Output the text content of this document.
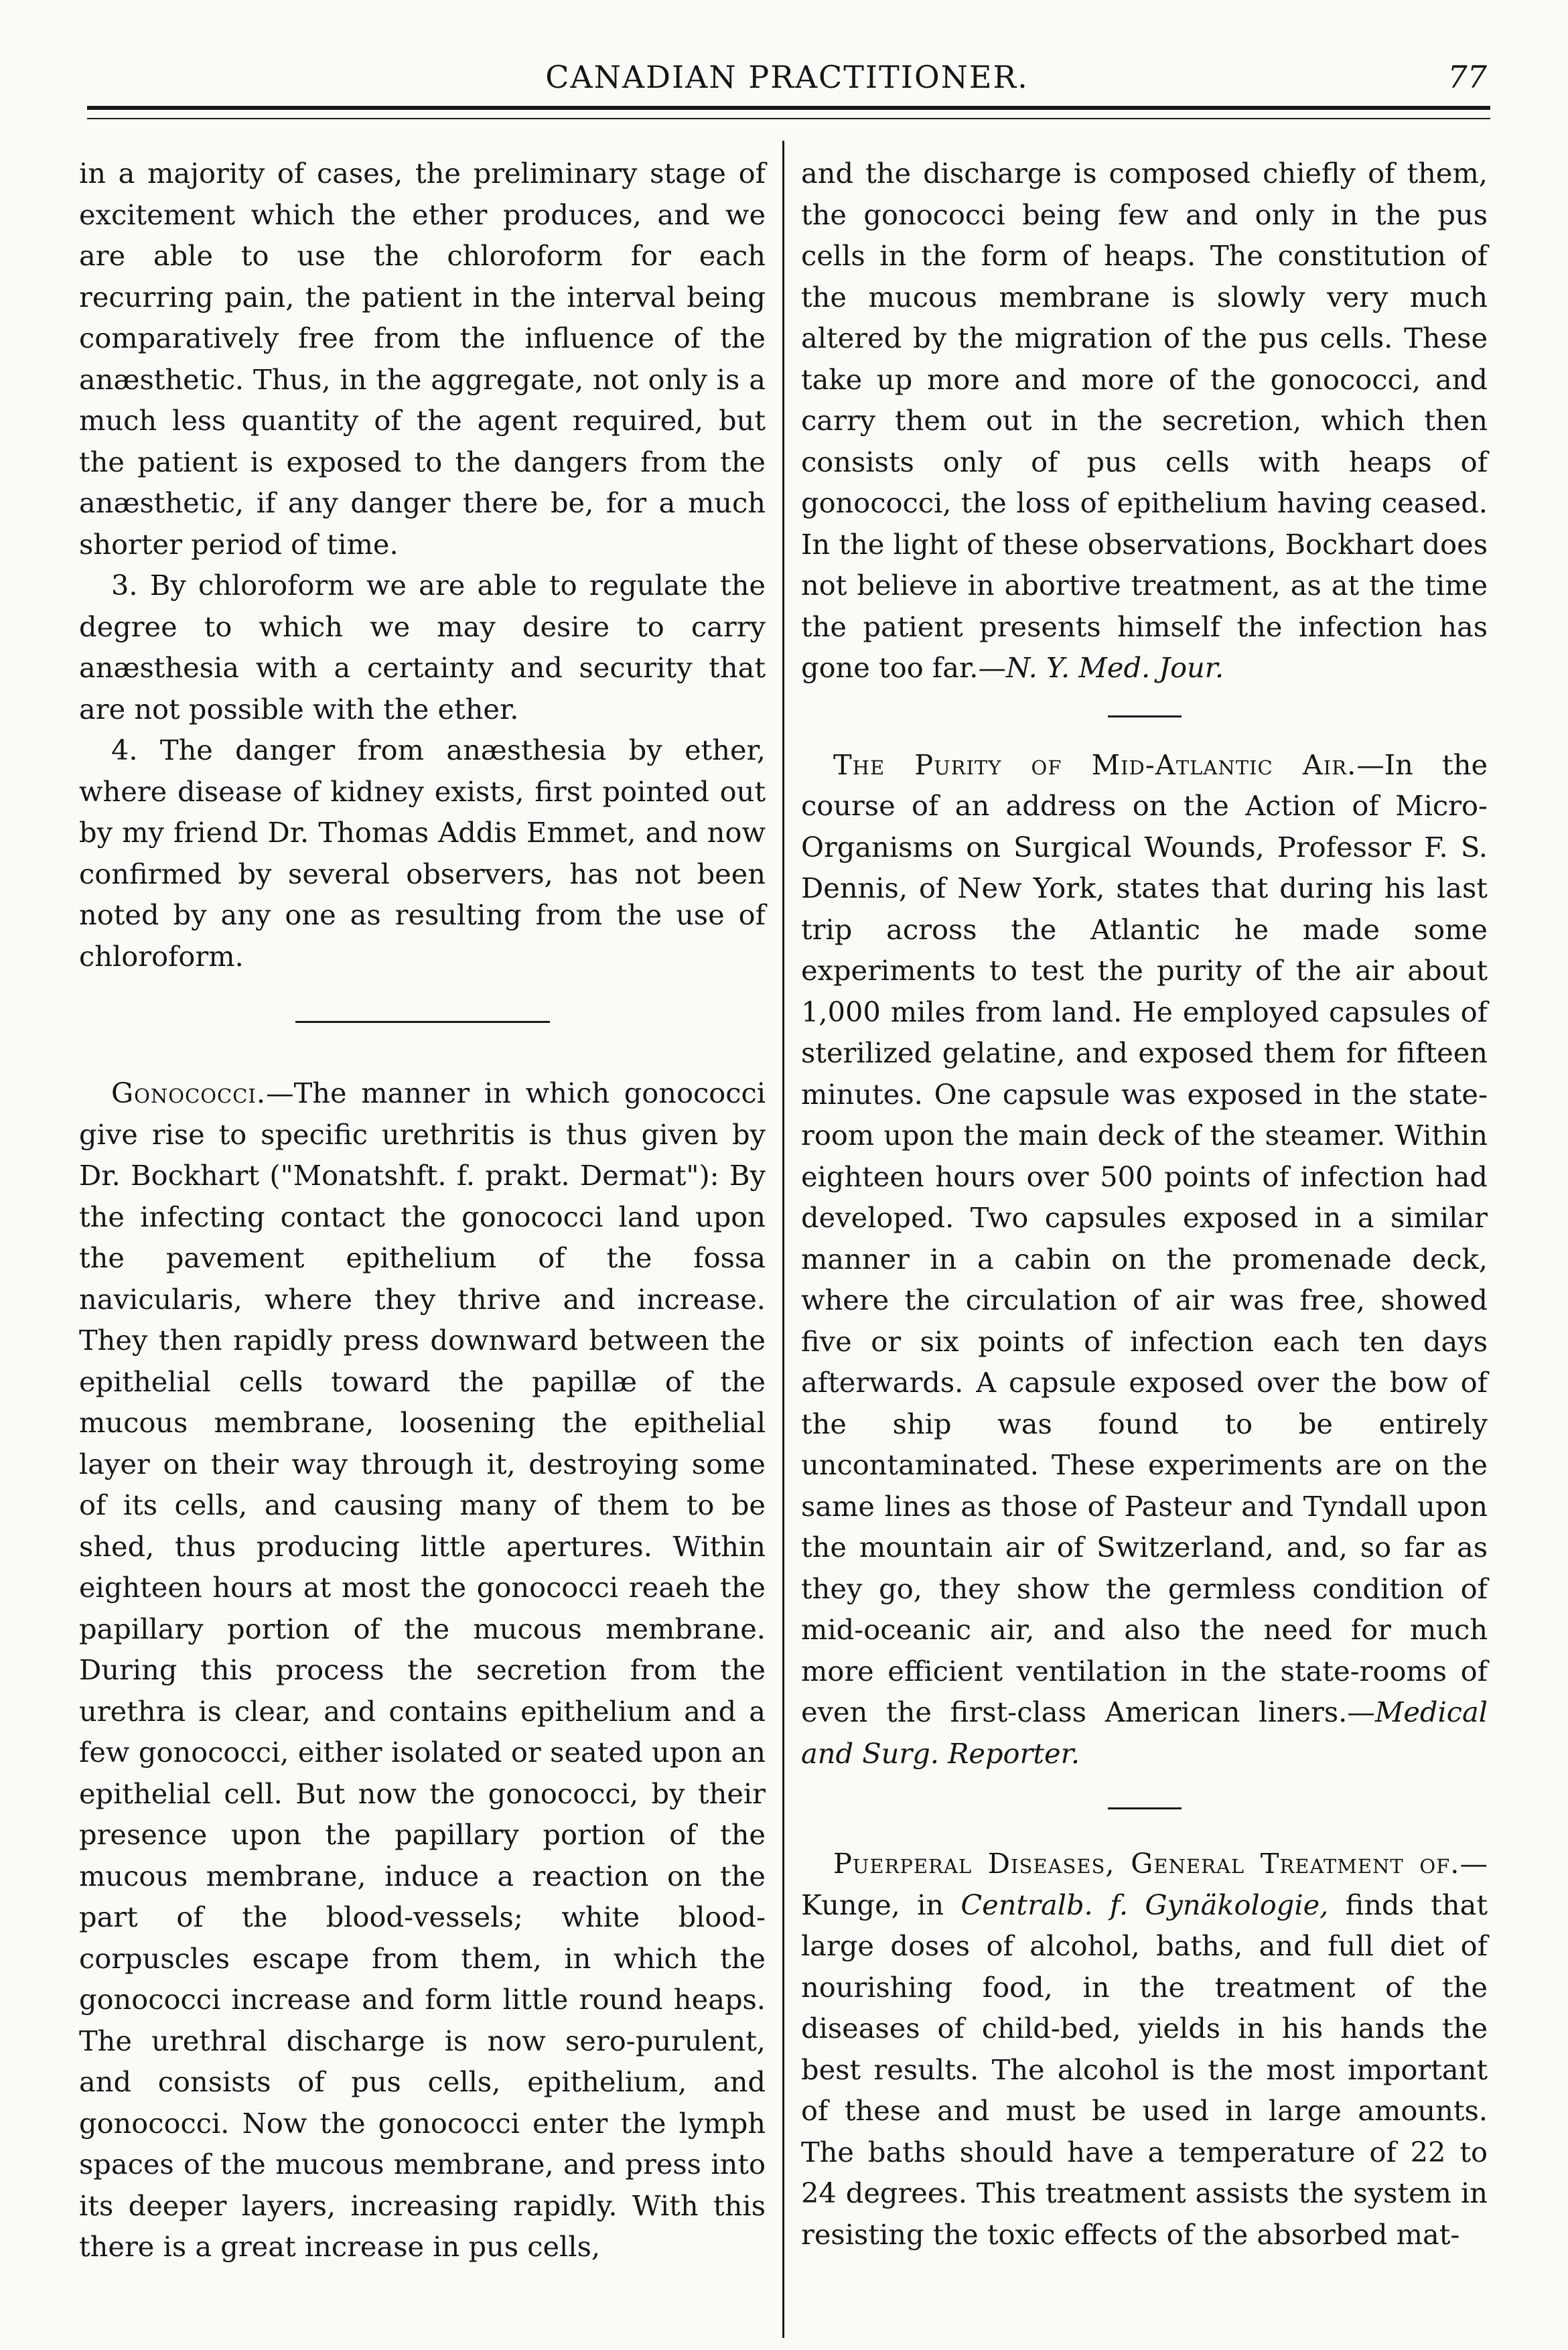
CANADIAN PRACTITIONER.	77

in a majority of cases, the preliminary stage of excitement which the ether produces, and we are able to use the chloroform for each recurring pain, the patient in the interval being comparatively free from the influence of the anæsthetic. Thus, in the aggregate, not only is a much less quantity of the agent required, but the patient is exposed to the dangers from the anæsthetic, if any danger there be, for a much shorter period of time.

3. By chloroform we are able to regulate the degree to which we may desire to carry anæsthesia with a certainty and security that are not possible with the ether.

4. The danger from anæsthesia by ether, where disease of kidney exists, first pointed out by my friend Dr. Thomas Addis Emmet, and now confirmed by several observers, has not been noted by any one as resulting from the use of chloroform.

Gonococci.—The manner in which gonococci give rise to specific urethritis is thus given by Dr. Bockhart ("Monatshft. f. prakt. Dermat"): By the infecting contact the gonococci land upon the pavement epithelium of the fossa navicularis, where they thrive and increase. They then rapidly press downward between the epithelial cells toward the papillæ of the mucous membrane, loosening the epithelial layer on their way through it, destroying some of its cells, and causing many of them to be shed, thus producing little apertures. Within eighteen hours at most the gonococci reaeh the papillary portion of the mucous membrane. During this process the secretion from the urethra is clear, and contains epithelium and a few gonococci, either isolated or seated upon an epithelial cell. But now the gonococci, by their presence upon the papillary portion of the mucous membrane, induce a reaction on the part of the blood-vessels; white blood-corpuscles escape from them, in which the gonococci increase and form little round heaps. The urethral discharge is now sero-purulent, and consists of pus cells, epithelium, and gonococci. Now the gonococci enter the lymph spaces of the mucous membrane, and press into its deeper layers, increasing rapidly. With this there is a great increase in pus cells,

and the discharge is composed chiefly of them, the gonococci being few and only in the pus cells in the form of heaps. The constitution of the mucous membrane is slowly very much altered by the migration of the pus cells. These take up more and more of the gonococci, and carry them out in the secretion, which then consists only of pus cells with heaps of gonococci, the loss of epithelium having ceased. In the light of these observations, Bockhart does not believe in abortive treatment, as at the time the patient presents himself the infection has gone too far.—N. Y. Med. Jour.

The Purity of Mid-Atlantic Air.—In the course of an address on the Action of Micro-Organisms on Surgical Wounds, Professor F. S. Dennis, of New York, states that during his last trip across the Atlantic he made some experiments to test the purity of the air about 1,000 miles from land. He employed capsules of sterilized gelatine, and exposed them for fifteen minutes. One capsule was exposed in the state-room upon the main deck of the steamer. Within eighteen hours over 500 points of infection had developed. Two capsules exposed in a similar manner in a cabin on the promenade deck, where the circulation of air was free, showed five or six points of infection each ten days afterwards. A capsule exposed over the bow of the ship was found to be entirely uncontaminated. These experiments are on the same lines as those of Pasteur and Tyndall upon the mountain air of Switzerland, and, so far as they go, they show the germless condition of mid-oceanic air, and also the need for much more efficient ventilation in the state-rooms of even the first-class American liners.—Medical and Surg. Reporter.

Puerperal Diseases, General Treatment of.—Kunge, in Centralb. f. Gynäkologie, finds that large doses of alcohol, baths, and full diet of nourishing food, in the treatment of the diseases of child-bed, yields in his hands the best results. The alcohol is the most important of these and must be used in large amounts. The baths should have a temperature of 22 to 24 degrees. This treatment assists the system in resisting the toxic effects of the absorbed mat-
